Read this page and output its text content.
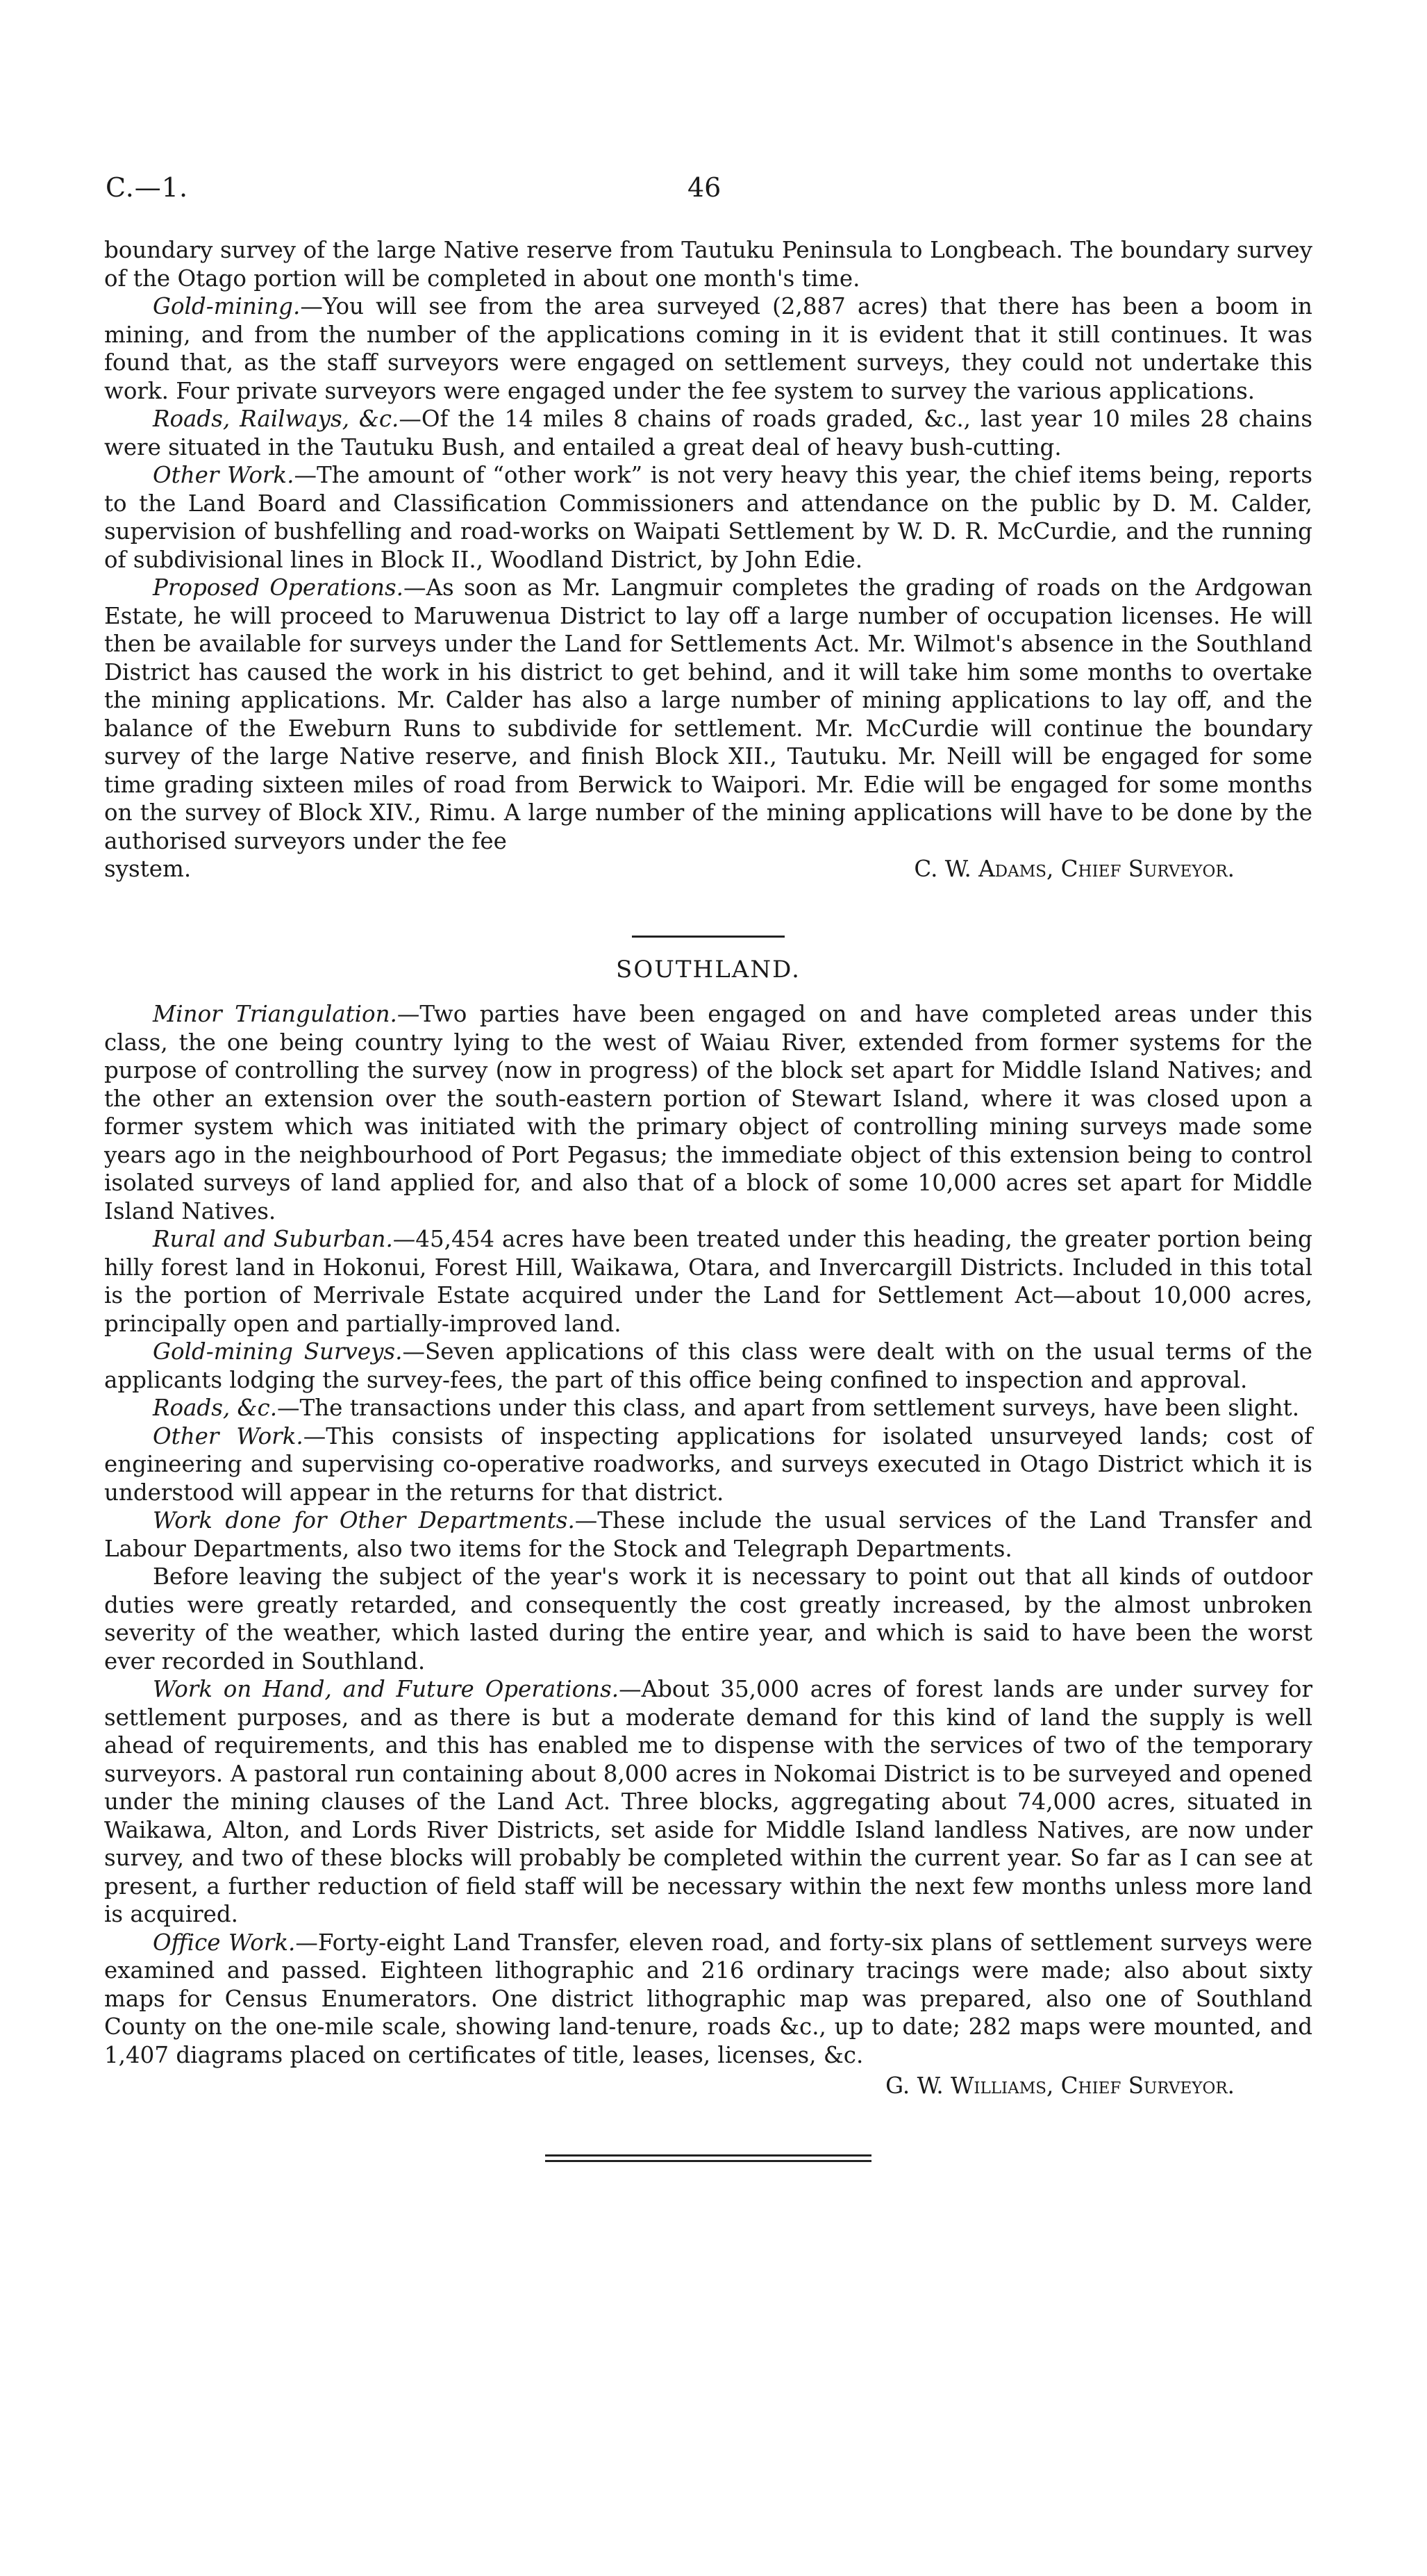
C.—1.	46

boundary survey of the large Native reserve from Tautuku Peninsula to Longbeach. The boundary survey of the Otago portion will be completed in about one month's time.

Gold-mining.—You will see from the area surveyed (2,887 acres) that there has been a boom in mining, and from the number of the applications coming in it is evident that it still continues. It was found that, as the staff surveyors were engaged on settlement surveys, they could not undertake this work. Four private surveyors were engaged under the fee system to survey the various applications.

Roads, Railways, &c.—Of the 14 miles 8 chains of roads graded, &c., last year 10 miles 28 chains were situated in the Tautuku Bush, and entailed a great deal of heavy bush-cutting.

Other Work.—The amount of “other work” is not very heavy this year, the chief items being, reports to the Land Board and Classification Commissioners and attendance on the public by D. M. Calder, supervision of bushfelling and road-works on Waipati Settlement by W. D. R. McCurdie, and the running of subdivisional lines in Block II., Woodland District, by John Edie.

Proposed Operations.—As soon as Mr. Langmuir completes the grading of roads on the Ardgowan Estate, he will proceed to Maruwenua District to lay off a large number of occupation licenses. He will then be available for surveys under the Land for Settlements Act. Mr. Wilmot's absence in the Southland District has caused the work in his district to get behind, and it will take him some months to overtake the mining applications. Mr. Calder has also a large number of mining applications to lay off, and the balance of the Eweburn Runs to subdivide for settlement. Mr. McCurdie will continue the boundary survey of the large Native reserve, and finish Block XII., Tautuku. Mr. Neill will be engaged for some time grading sixteen miles of road from Berwick to Waipori. Mr. Edie will be engaged for some months on the survey of Block XIV., Rimu. A large number of the mining applications will have to be done by the authorised surveyors under the fee

system.	C. W. Adams, Chief Surveyor.
SOUTHLAND.

Minor Triangulation.—Two parties have been engaged on and have completed areas under this class, the one being country lying to the west of Waiau River, extended from former systems for the purpose of controlling the survey (now in progress) of the block set apart for Middle Island Natives; and the other an extension over the south-eastern portion of Stewart Island, where it was closed upon a former system which was initiated with the primary object of controlling mining surveys made some years ago in the neighbourhood of Port Pegasus; the immediate object of this extension being to control isolated surveys of land applied for, and also that of a block of some 10,000 acres set apart for Middle Island Natives.

Rural and Suburban.—45,454 acres have been treated under this heading, the greater portion being hilly forest land in Hokonui, Forest Hill, Waikawa, Otara, and Invercargill Districts. Included in this total is the portion of Merrivale Estate acquired under the Land for Settlement Act—about 10,000 acres, principally open and partially-improved land.

Gold-mining Surveys.—Seven applications of this class were dealt with on the usual terms of the applicants lodging the survey-fees, the part of this office being confined to inspection and approval.

Roads, &c.—The transactions under this class, and apart from settlement surveys, have been slight.

Other Work.—This consists of inspecting applications for isolated unsurveyed lands; cost of engineering and supervising co-operative roadworks, and surveys executed in Otago District which it is understood will appear in the returns for that district.

Work done for Other Departments.—These include the usual services of the Land Transfer and Labour Departments, also two items for the Stock and Telegraph Departments.

Before leaving the subject of the year's work it is necessary to point out that all kinds of outdoor duties were greatly retarded, and consequently the cost greatly increased, by the almost unbroken severity of the weather, which lasted during the entire year, and which is said to have been the worst ever recorded in Southland.

Work on Hand, and Future Operations.—About 35,000 acres of forest lands are under survey for settlement purposes, and as there is but a moderate demand for this kind of land the supply is well ahead of requirements, and this has enabled me to dispense with the services of two of the temporary surveyors. A pastoral run containing about 8,000 acres in Nokomai District is to be surveyed and opened under the mining clauses of the Land Act. Three blocks, aggregating about 74,000 acres, situated in Waikawa, Alton, and Lords River Districts, set aside for Middle Island landless Natives, are now under survey, and two of these blocks will probably be completed within the current year. So far as I can see at present, a further reduction of field staff will be necessary within the next few months unless more land is acquired.

Office Work.—Forty-eight Land Transfer, eleven road, and forty-six plans of settlement surveys were examined and passed. Eighteen lithographic and 216 ordinary tracings were made; also about sixty maps for Census Enumerators. One district lithographic map was prepared, also one of Southland County on the one-mile scale, showing land-tenure, roads &c., up to date; 282 maps were mounted, and 1,407 diagrams placed on certificates of title, leases, licenses, &c.

G. W. Williams, Chief Surveyor.
